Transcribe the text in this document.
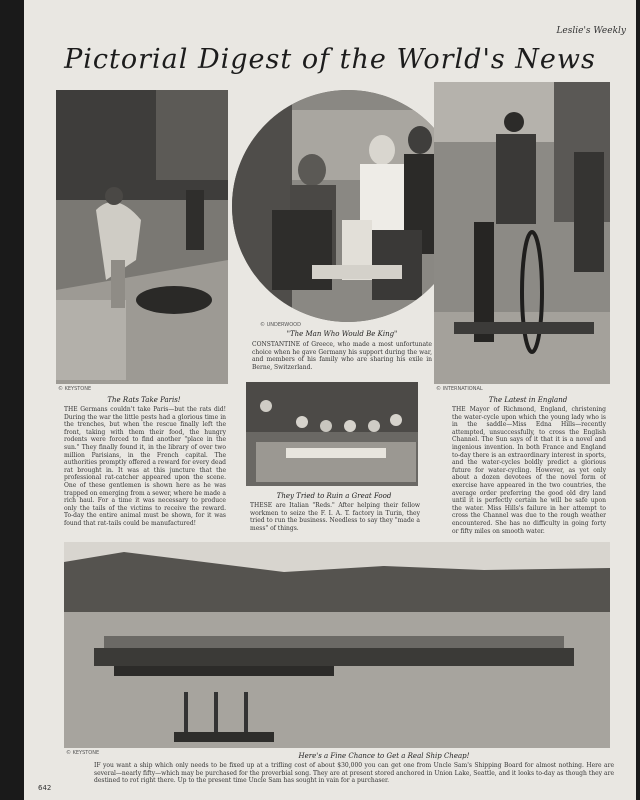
Leslie's Weekly
Pictorial Digest of the World's News
© KEYSTONE
© UNDERWOOD
© INTERNATIONAL
The Rats Take Paris!
THE Germans couldn't take Paris—but the rats did! During the war the little pests had a glorious time in the trenches, but when the rescue finally left the front, taking with them their food, the hungry rodents were forced to find another "place in the sun." They finally found it, in the library of over two million Parisians, in the French capital. The authorities promptly offered a reward for every dead rat brought in. It was at this juncture that the professional rat-catcher appeared upon the scene. One of these gentlemen is shown here as he was trapped on emerging from a sewer, where he made a rich haul. For a time it was necessary to produce only the tails of the victims to receive the reward. To-day the entire animal must be shown, for it was found that rat-tails could be manufactured!
"The Man Who Would Be King"
CONSTANTINE of Greece, who made a most unfortunate choice when he gave Germany his support during the war, and members of his family who are sharing his exile in Berne, Switzerland.
They Tried to Ruin a Great Food
THESE are Italian "Reds." After helping their fellow workmen to seize the F. I. A. T. factory in Turin, they tried to run the business. Needless to say they "made a mess" of things.
The Latest in England
THE Mayor of Richmond, England, christening the water-cycle upon which the young lady who is in the saddle—Miss Edna Hills—recently attempted, unsuccessfully, to cross the English Channel. The Sun says of it that it is a novel and ingenious invention. In both France and England to-day there is an extraordinary interest in sports, and the water-cycles boldly predict a glorious future for water-cycling. However, as yet only about a dozen devotees of the novel form of exercise have appeared in the two countries, the average order preferring the good old dry land until it is perfectly certain he will be safe upon the water. Miss Hills's failure in her attempt to cross the Channel was due to the rough weather encountered. She has no difficulty in going forty or fifty miles on smooth water.
© KEYSTONE	Here's a Fine Chance to Get a Real Ship Cheap!
IF you want a ship which only needs to be fixed up at a trifling cost of about $30,000 you can get one from Uncle Sam's Shipping Board for almost nothing. Here are several—nearly fifty—which may be purchased for the proverbial song. They are at present stored anchored in Union Lake, Seattle, and it looks to-day as though they are destined to rot right there. Up to the present time Uncle Sam has sought in vain for a purchaser.
642
